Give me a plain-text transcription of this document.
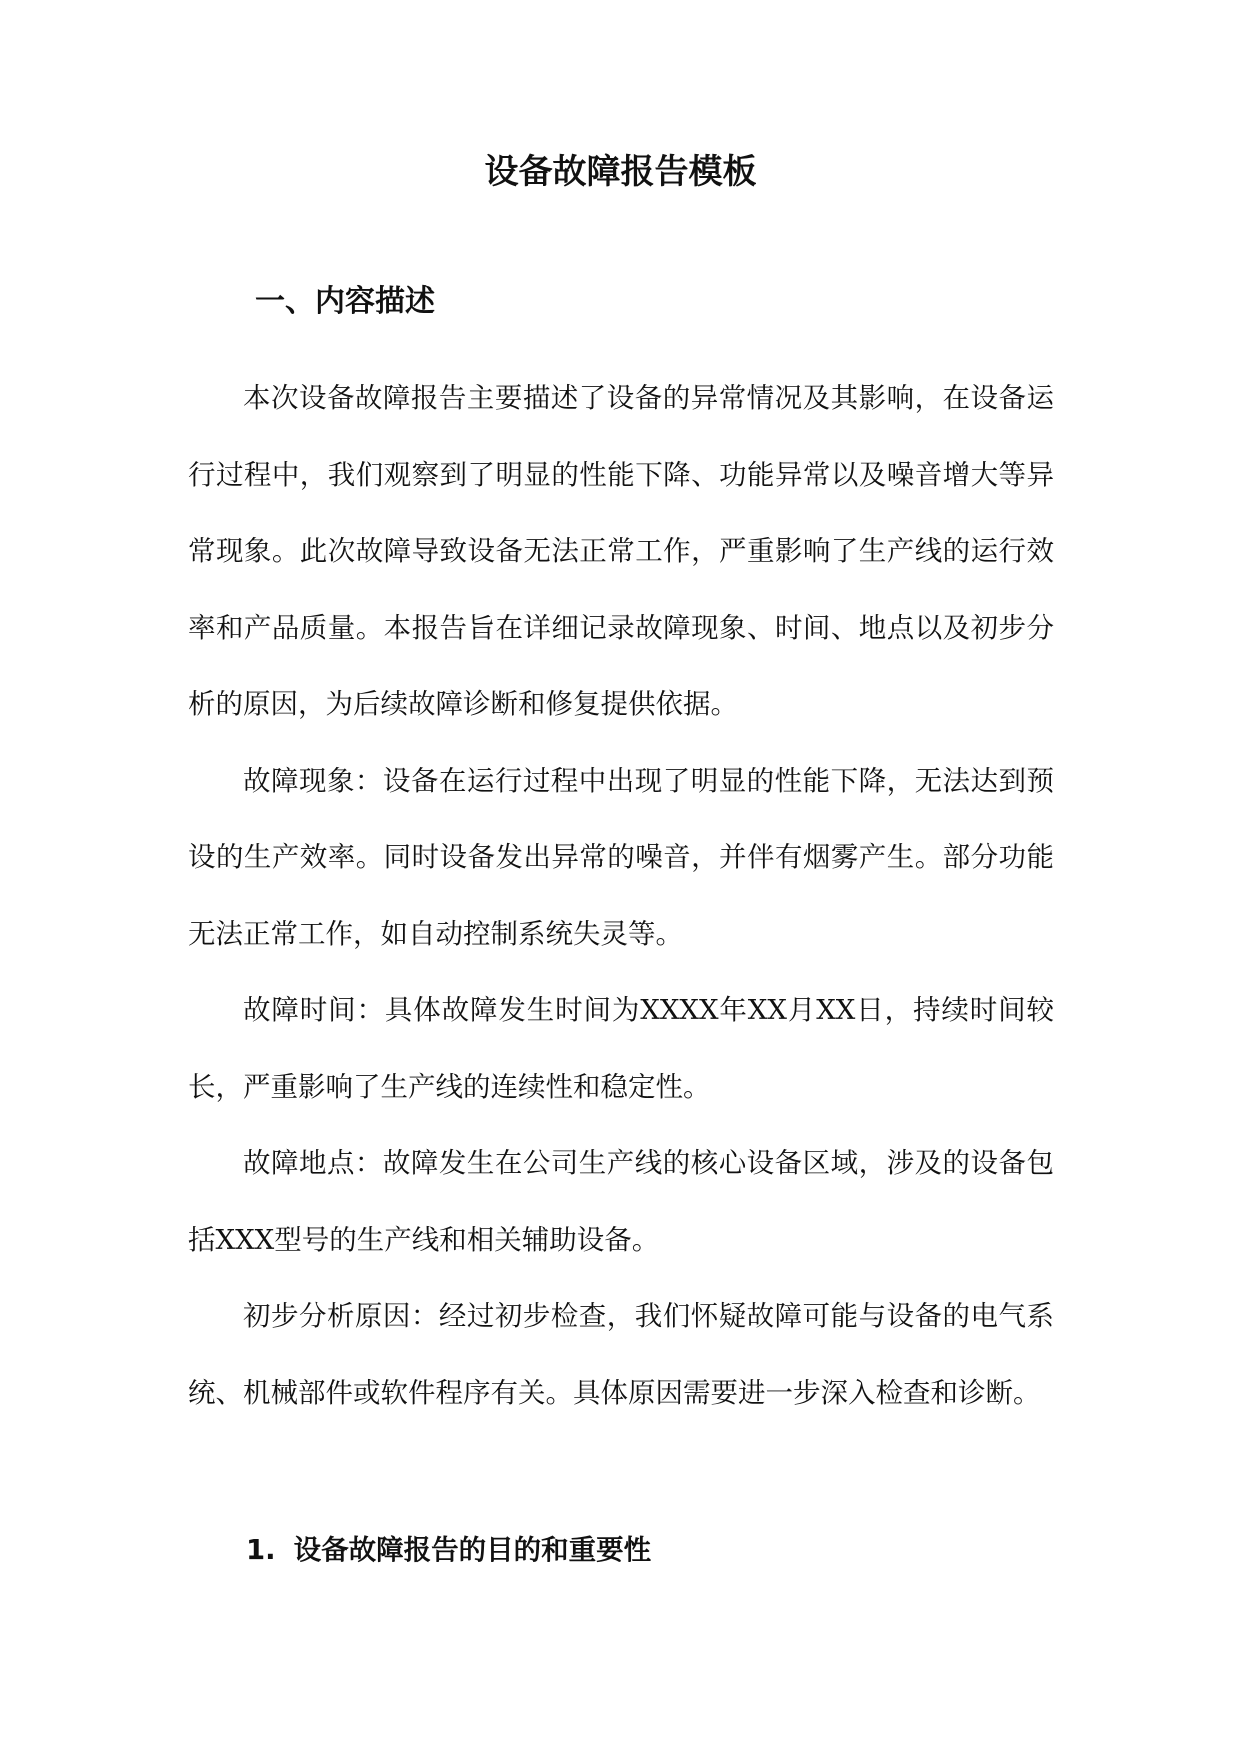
设备故障报告模板
一、内容描述

本次设备故障报告主要描述了设备的异常情况及其影响，在设备运行过程中，我们观察到了明显的性能下降、功能异常以及噪音增大等异常现象。此次故障导致设备无法正常工作，严重影响了生产线的运行效率和产品质量。本报告旨在详细记录故障现象、时间、地点以及初步分析的原因，为后续故障诊断和修复提供依据。

故障现象：设备在运行过程中出现了明显的性能下降，无法达到预设的生产效率。同时设备发出异常的噪音，并伴有烟雾产生。部分功能无法正常工作，如自动控制系统失灵等。

故障时间：具体故障发生时间为XXXX年XX月XX日，持续时间较长，严重影响了生产线的连续性和稳定性。

故障地点：故障发生在公司生产线的核心设备区域，涉及的设备包括XXX型号的生产线和相关辅助设备。

初步分析原因：经过初步检查，我们怀疑故障可能与设备的电气系统、机械部件或软件程序有关。具体原因需要进一步深入检查和诊断。

1. 设备故障报告的目的和重要性
